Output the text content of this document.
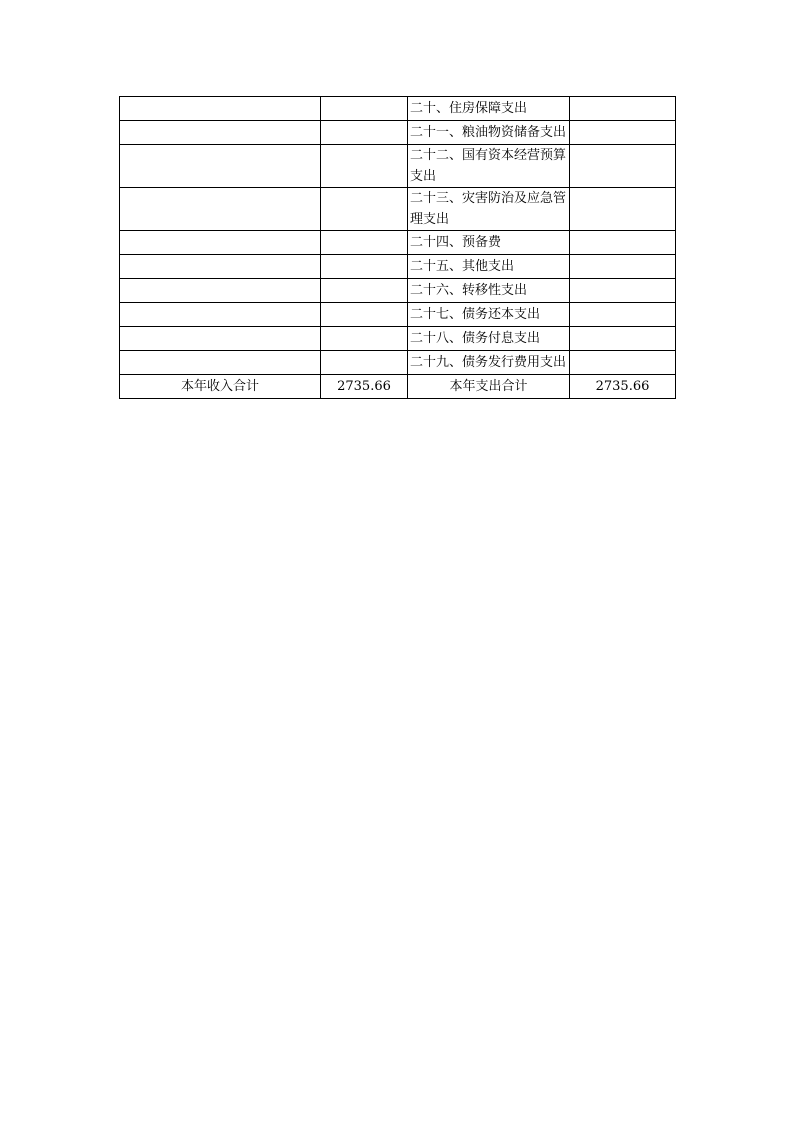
		二十、住房保障支出	
		二十一、粮油物资储备支出	
		二十二、国有资本经营预算支出	
		二十三、灾害防治及应急管理支出	
		二十四、预备费	
		二十五、其他支出	
		二十六、转移性支出	
		二十七、债务还本支出	
		二十八、债务付息支出	
		二十九、债务发行费用支出	
本年收入合计	2735.66	本年支出合计	2735.66
